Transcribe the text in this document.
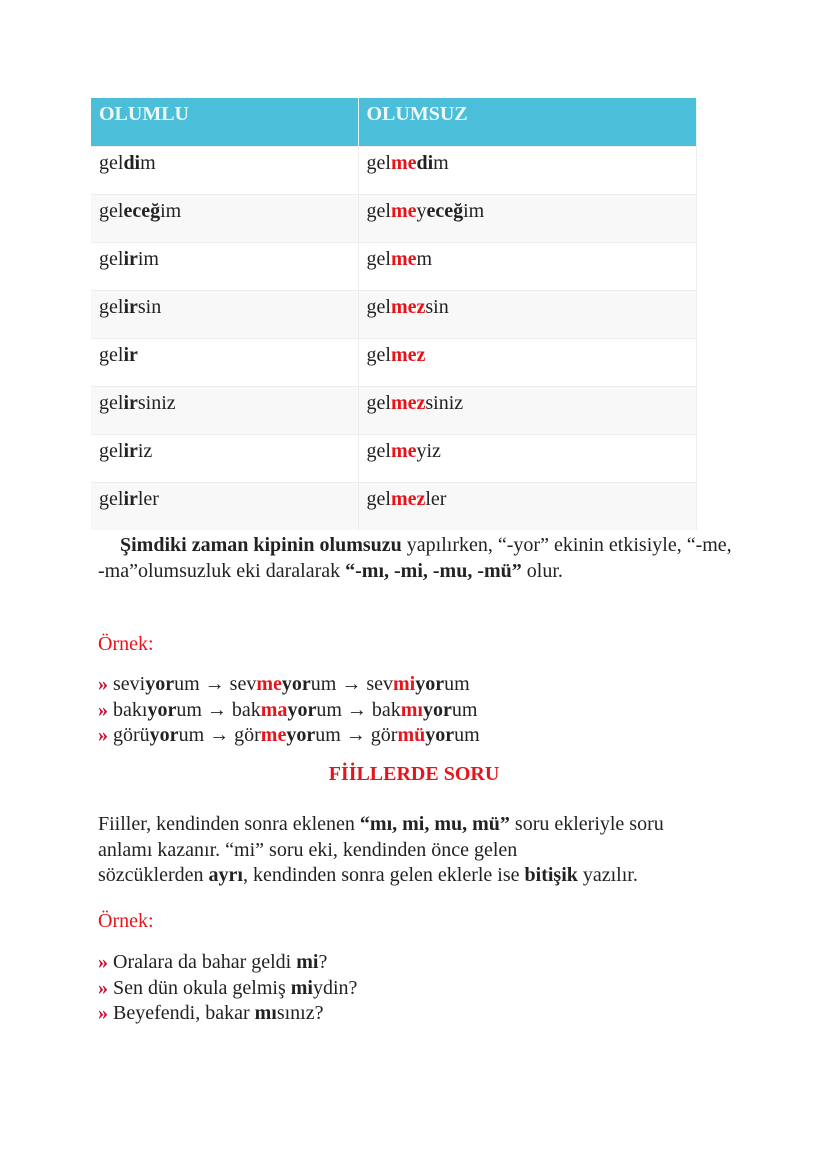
OLUMLU	OLUMSUZ
geldim	gelmedim
geleceğim	gelmeyeceğim
gelirim	gelmem
gelirsin	gelmezsin
gelir	gelmez
gelirsiniz	gelmezsiniz
geliriz	gelmeyiz
gelirler	gelmezler
Şimdiki zaman kipinin olumsuzu yapılırken, “-yor” ekinin etkisiyle, “-me, -ma”olumsuzluk eki daralarak “-mı, -mi, -mu, -mü” olur.
Örnek:
» seviyorum → sevmeyorum → sevmiyorum
» bakıyorum → bakmayorum → bakmıyorum
» görüyorum → görmeyorum → görmüyorum
FİİLLERDE SORU
Fiiller, kendinden sonra eklenen “mı, mi, mu, mü” soru ekleriyle soru
anlamı kazanır. “mi” soru eki, kendinden önce gelen
sözcüklerden ayrı, kendinden sonra gelen eklerle ise bitişik yazılır.
Örnek:
» Oralara da bahar geldi mi?
» Sen dün okula gelmiş miydin?
» Beyefendi, bakar mısınız?
